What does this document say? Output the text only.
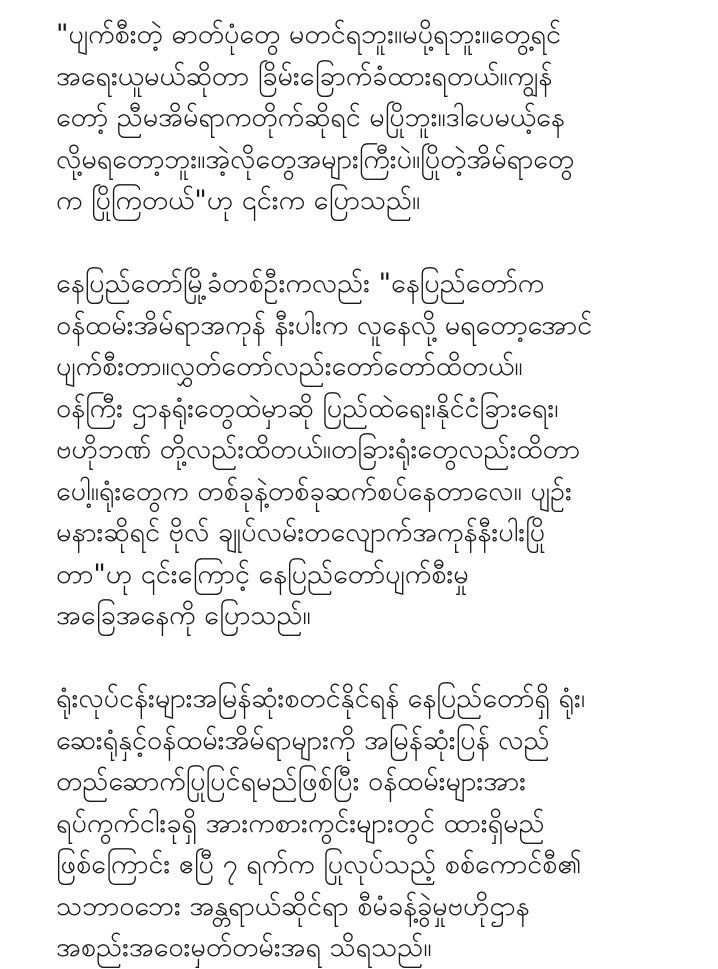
"ပျက်စီးတဲ့ ဓာတ်ပုံတွေ မတင်ရဘူး။မပို့ရဘူး။တွေ့ရင်
အရေးယူမယ်ဆိုတာ ခြိမ်းခြောက်ခံထားရတယ်။ကျွန်
တော့် ညီမအိမ်ရာကတိုက်ဆိုရင် မပြိုဘူး။ဒါပေမယ့်နေ
လို့မရတော့ဘူး။အဲ့လိုတွေအများကြီးပဲ။ပြိုတဲ့အိမ်ရာတွေ
က ပြိုကြတယ်"ဟု ၎င်းက ပြောသည်။

နေပြည်တော်မြို့ခံတစ်ဦးကလည်း "နေပြည်တော်က
ဝန်ထမ်းအိမ်ရာအကုန် နီးပါးက လူနေလို့ မရတော့အောင်
ပျက်စီးတာ။လွှတ်တော်လည်းတော်တော်ထိတယ်။
ဝန်ကြီး ဌာနရုံးတွေထဲမှာဆို ပြည်ထဲရေး၊နိုင်ငံခြားရေး၊
ဗဟိုဘဏ် တို့လည်းထိတယ်။တခြားရုံးတွေလည်းထိတာ
ပေါ့။ရုံးတွေက တစ်ခုနဲ့တစ်ခုဆက်စပ်နေတာလေ။ ပျဉ်း
မနားဆိုရင် ဗိုလ် ချုပ်လမ်းတလျောက်အကုန်နီးပါးပြို
တာ"ဟု ၎င်းကြောင့် နေပြည်တော်ပျက်စီးမှု
အခြေအနေကို ပြောသည်။

ရုံးလုပ်ငန်းများအမြန်ဆုံးစတင်နိုင်ရန် နေပြည်တော်ရှိ ရုံး၊
ဆေးရုံနှင့်ဝန်ထမ်းအိမ်ရာများကို အမြန်ဆုံးပြန် လည်
တည်ဆောက်ပြုပြင်ရမည်ဖြစ်ပြီး ဝန်ထမ်းများအား
ရပ်ကွက်ငါးခုရှိ အားကစားကွင်းများတွင် ထားရှိမည်
ဖြစ်ကြောင်း ဧပြီ ၇ ရက်က ပြုလုပ်သည့် စစ်ကောင်စီ၏
သဘာဝဘေး အန္တရာယ်ဆိုင်ရာ စီမံခန့်ခွဲမှုဗဟိုဌာန
အစည်းအဝေးမှတ်တမ်းအရ သိရသည်။
